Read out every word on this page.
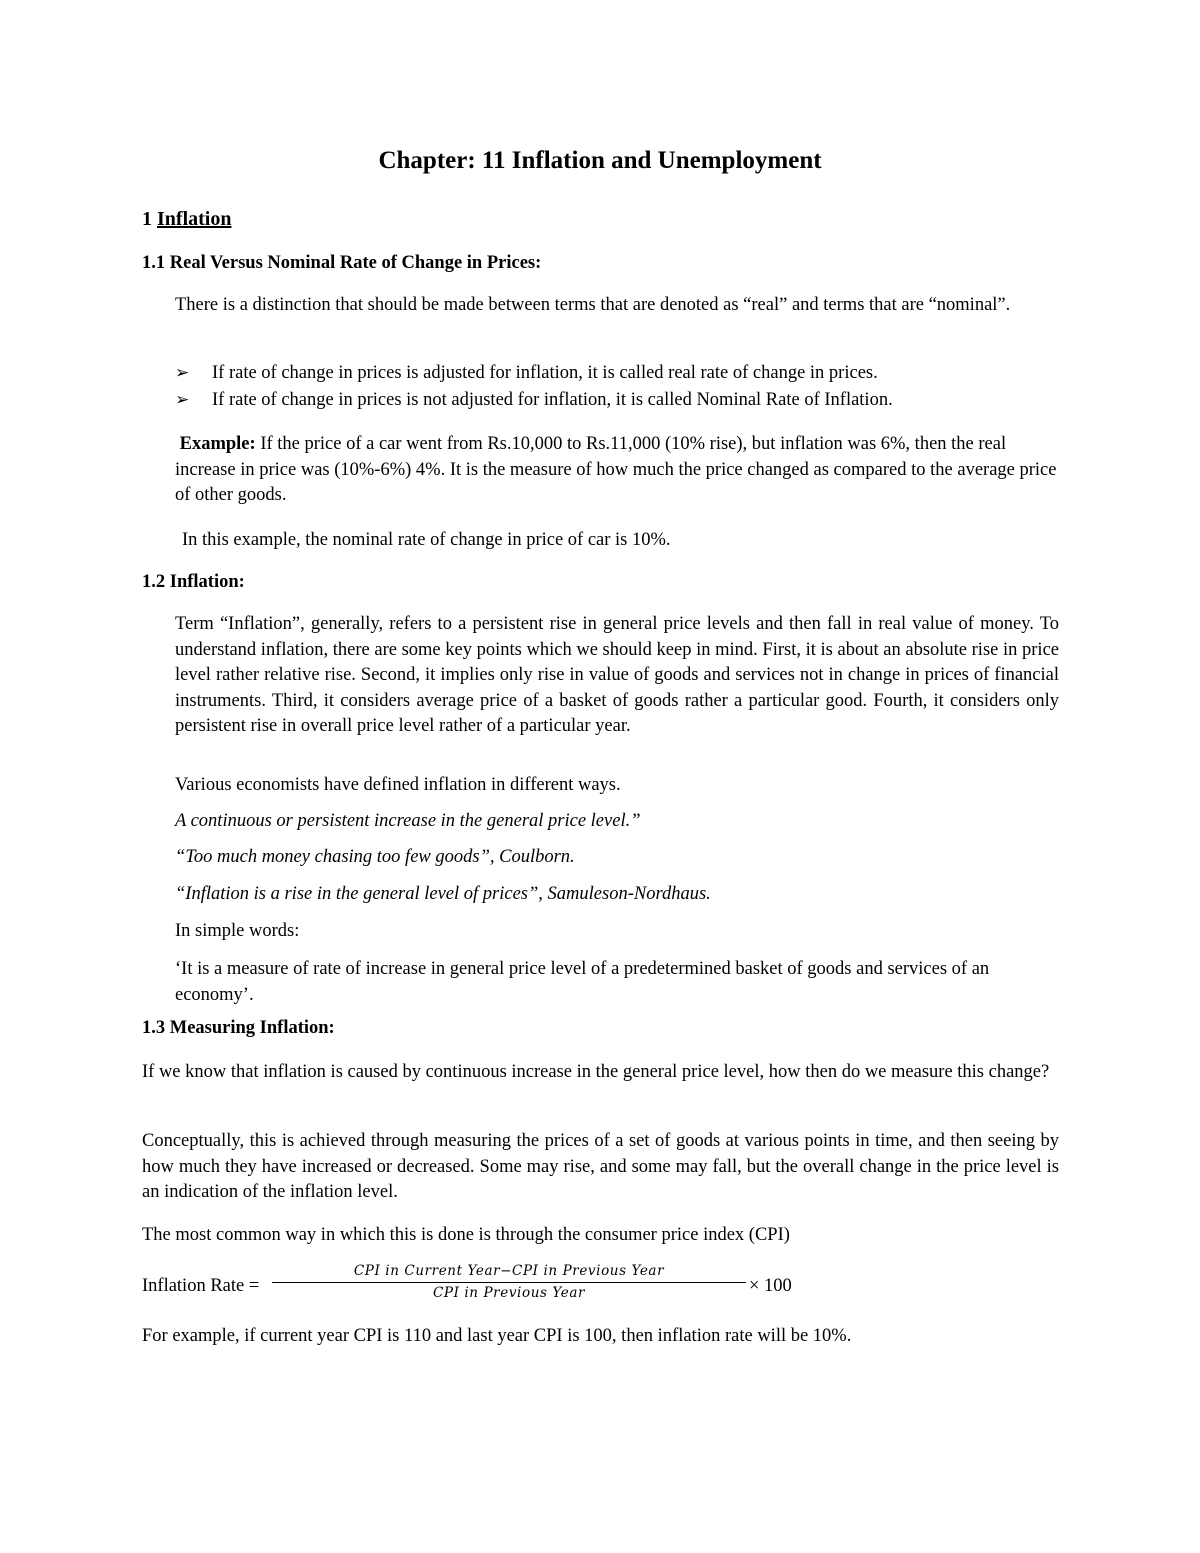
Chapter: 11 Inflation and Unemployment
1 Inflation
1.1 Real Versus Nominal Rate of Change in Prices:
There is a distinction that should be made between terms that are denoted as “real” and terms that are “nominal”.
➢ If rate of change in prices is adjusted for inflation, it is called real rate of change in prices.
➢ If rate of change in prices is not adjusted for inflation, it is called Nominal Rate of Inflation.
Example: If the price of a car went from Rs.10,000 to Rs.11,000 (10% rise), but inflation was 6%, then the real increase in price was (10%-6%) 4%. It is the measure of how much the price changed as compared to the average price of other goods.
In this example, the nominal rate of change in price of car is 10%.
1.2 Inflation:
Term “Inflation”, generally, refers to a persistent rise in general price levels and then fall in real value of money. To understand inflation, there are some key points which we should keep in mind. First, it is about an absolute rise in price level rather relative rise. Second, it implies only rise in value of goods and services not in change in prices of financial instruments. Third, it considers average price of a basket of goods rather a particular good. Fourth, it considers only persistent rise in overall price level rather of a particular year.
Various economists have defined inflation in different ways.
A continuous or persistent increase in the general price level.”
“Too much money chasing too few goods”, Coulborn.
“Inflation is a rise in the general level of prices”, Samuleson-Nordhaus.
In simple words:
‘It is a measure of rate of increase in general price level of a predetermined basket of goods and services of an economy’.
1.3 Measuring Inflation:
If we know that inflation is caused by continuous increase in the general price level, how then do we measure this change?
Conceptually, this is achieved through measuring the prices of a set of goods at various points in time, and then seeing by how much they have increased or decreased. Some may rise, and some may fall, but the overall change in the price level is an indication of the inflation level.
The most common way in which this is done is through the consumer price index (CPI)
Inflation Rate =
CPI in Current Year−CPI in Previous Year
CPI in Previous Year	× 100
For example, if current year CPI is 110 and last year CPI is 100, then inflation rate will be 10%.
